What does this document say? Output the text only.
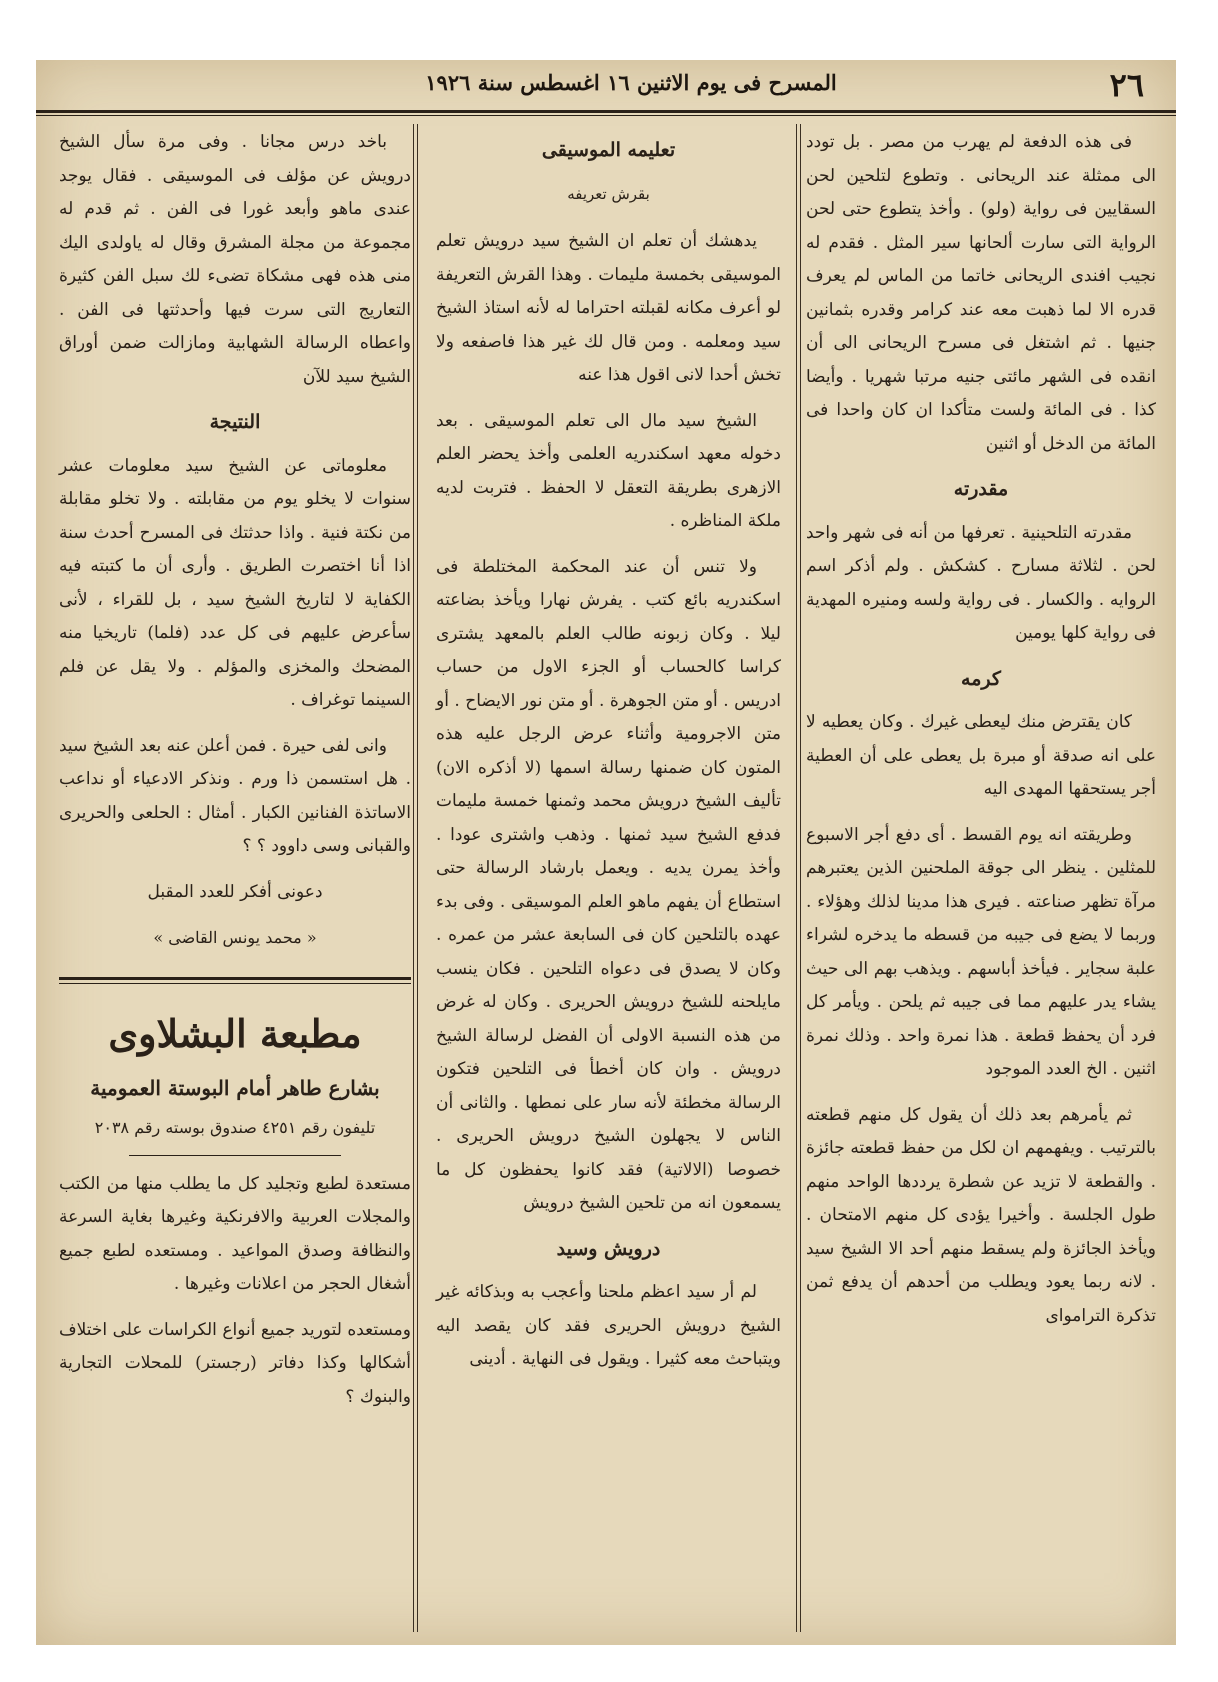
٢٦
المسرح فى يوم الاثنين ١٦ اغسطس سنة ١٩٢٦

فى هذه الدفعة لم يهرب من مصر . بل تودد الى ممثلة عند الريحانى . وتطوع لتلحين لحن السقايين فى رواية (ولو) . وأخذ يتطوع حتى لحن الرواية التى سارت ألحانها سير المثل . فقدم له نجيب افندى الريحانى خاتما من الماس لم يعرف قدره الا لما ذهبت معه عند كرامر وقدره بثمانين جنيها . ثم اشتغل فى مسرح الريحانى الى أن انقده فى الشهر مائتى جنيه مرتبا شهريا . وأيضا كذا . فى المائة ولست متأكدا ان كان واحدا فى المائة من الدخل أو اثنين

مقدرته

مقدرته التلحينية . تعرفها من أنه فى شهر واحد لحن . لثلاثة مسارح . كشكش . ولم أذكر اسم الروايه . والكسار . فى رواية ولسه ومنيره المهدية فى رواية كلها يومين

كرمه

كان يقترض منك ليعطى غيرك . وكان يعطيه لا على انه صدقة أو مبرة بل يعطى على أن العطية أجر يستحقها المهدى اليه

وطريقته انه يوم القسط . أى دفع أجر الاسبوع للمثلين . ينظر الى جوقة الملحنين الذين يعتبرهم مرآة تظهر صناعته . فيرى هذا مدينا لذلك وهؤلاء . وربما لا يضع فى جيبه من قسطه ما يدخره لشراء علبة سجاير . فيأخذ أباسهم . ويذهب بهم الى حيث يشاء يدر عليهم مما فى جيبه ثم يلحن . ويأمر كل فرد أن يحفظ قطعة . هذا نمرة واحد . وذلك نمرة اثنين . الخ العدد الموجود

ثم يأمرهم بعد ذلك أن يقول كل منهم قطعته بالترتيب . ويفهمهم ان لكل من حفظ قطعته جائزة . والقطعة لا تزيد عن شطرة يرددها الواحد منهم طول الجلسة . وأخيرا يؤدى كل منهم الامتحان . ويأخذ الجائزة ولم يسقط منهم أحد الا الشيخ سيد . لانه ربما يعود ويطلب من أحدهم أن يدفع ثمن تذكرة الترامواى

تعليمه الموسيقى
بقرش تعريفه

يدهشك أن تعلم ان الشيخ سيد درويش تعلم الموسيقى بخمسة مليمات . وهذا القرش التعريفة لو أعرف مكانه لقبلته احتراما له لأنه استاذ الشيخ سيد ومعلمه . ومن قال لك غير هذا فاصفعه ولا تخش أحدا لانى اقول هذا عنه

الشيخ سيد مال الى تعلم الموسيقى . بعد دخوله معهد اسكندريه العلمى وأخذ يحضر العلم الازهرى بطريقة التعقل لا الحفظ . فتربت لديه ملكة المناظره .

ولا تنس أن عند المحكمة المختلطة فى اسكندريه بائع كتب . يفرش نهارا ويأخذ بضاعته ليلا . وكان زبونه طالب العلم بالمعهد يشترى كراسا كالحساب أو الجزء الاول من حساب ادريس . أو متن الجوهرة . أو متن نور الايضاح . أو متن الاجرومية وأثناء عرض الرجل عليه هذه المتون كان ضمنها رسالة اسمها (لا أذكره الان) تأليف الشيخ درويش محمد وثمنها خمسة مليمات فدفع الشيخ سيد ثمنها . وذهب واشترى عودا . وأخذ يمرن يديه . ويعمل بارشاد الرسالة حتى استطاع أن يفهم ماهو العلم الموسيقى . وفى بدء عهده بالتلحين كان فى السابعة عشر من عمره . وكان لا يصدق فى دعواه التلحين . فكان ينسب مايلحنه للشيخ درويش الحريرى . وكان له غرض من هذه النسبة الاولى أن الفضل لرسالة الشيخ درويش . وان كان أخطأ فى التلحين فتكون الرسالة مخطئة لأنه سار على نمطها . والثانى أن الناس لا يجهلون الشيخ درويش الحريرى . خصوصا (الالاتية) فقد كانوا يحفظون كل ما يسمعون انه من تلحين الشيخ درويش

درويش وسيد

لم أر سيد اعظم ملحنا وأعجب به وبذكائه غير الشيخ درويش الحريرى فقد كان يقصد اليه ويتباحث معه كثيرا . ويقول فى النهاية . أدينى

باخد درس مجانا . وفى مرة سأل الشيخ درويش عن مؤلف فى الموسيقى . فقال يوجد عندى ماهو وأبعد غورا فى الفن . ثم قدم له مجموعة من مجلة المشرق وقال له ياولدى اليك منى هذه فهى مشكاة تضىء لك سبل الفن كثيرة التعاريج التى سرت فيها وأحدثتها فى الفن . واعطاه الرسالة الشهابية ومازالت ضمن أوراق الشيخ سيد للآن

النتيجة

معلوماتى عن الشيخ سيد معلومات عشر سنوات لا يخلو يوم من مقابلته . ولا تخلو مقابلة من نكتة فنية . واذا حدثتك فى المسرح أحدث سنة اذا أنا اختصرت الطريق . وأرى أن ما كتبته فيه الكفاية لا لتاريخ الشيخ سيد ، بل للقراء ، لأنى سأعرض عليهم فى كل عدد (فلما) تاريخيا منه المضحك والمخزى والمؤلم . ولا يقل عن فلم السينما توغراف .

وانى لفى حيرة . فمن أعلن عنه بعد الشيخ سيد . هل استسمن ذا ورم . ونذكر الادعياء أو نداعب الاساتذة الفنانين الكبار . أمثال : الحلعى والحريرى والقبانى وسى داوود ؟ ؟

دعونى أفكر للعدد المقبل

« محمد يونس القاضى »
مطبعة البشلاوى
بشارع طاهر أمام البوستة العمومية
تليفون رقم ٤٢٥١ صندوق بوسته رقم ٢٠٣٨

مستعدة لطبع وتجليد كل ما يطلب منها من الكتب والمجلات العربية والافرنكية وغيرها بغاية السرعة والنظافة وصدق المواعيد . ومستعده لطبع جميع أشغال الحجر من اعلانات وغيرها .

ومستعده لتوريد جميع أنواع الكراسات على اختلاف أشكالها وكذا دفاتر (رجستر) للمحلات التجارية والبنوك ؟
